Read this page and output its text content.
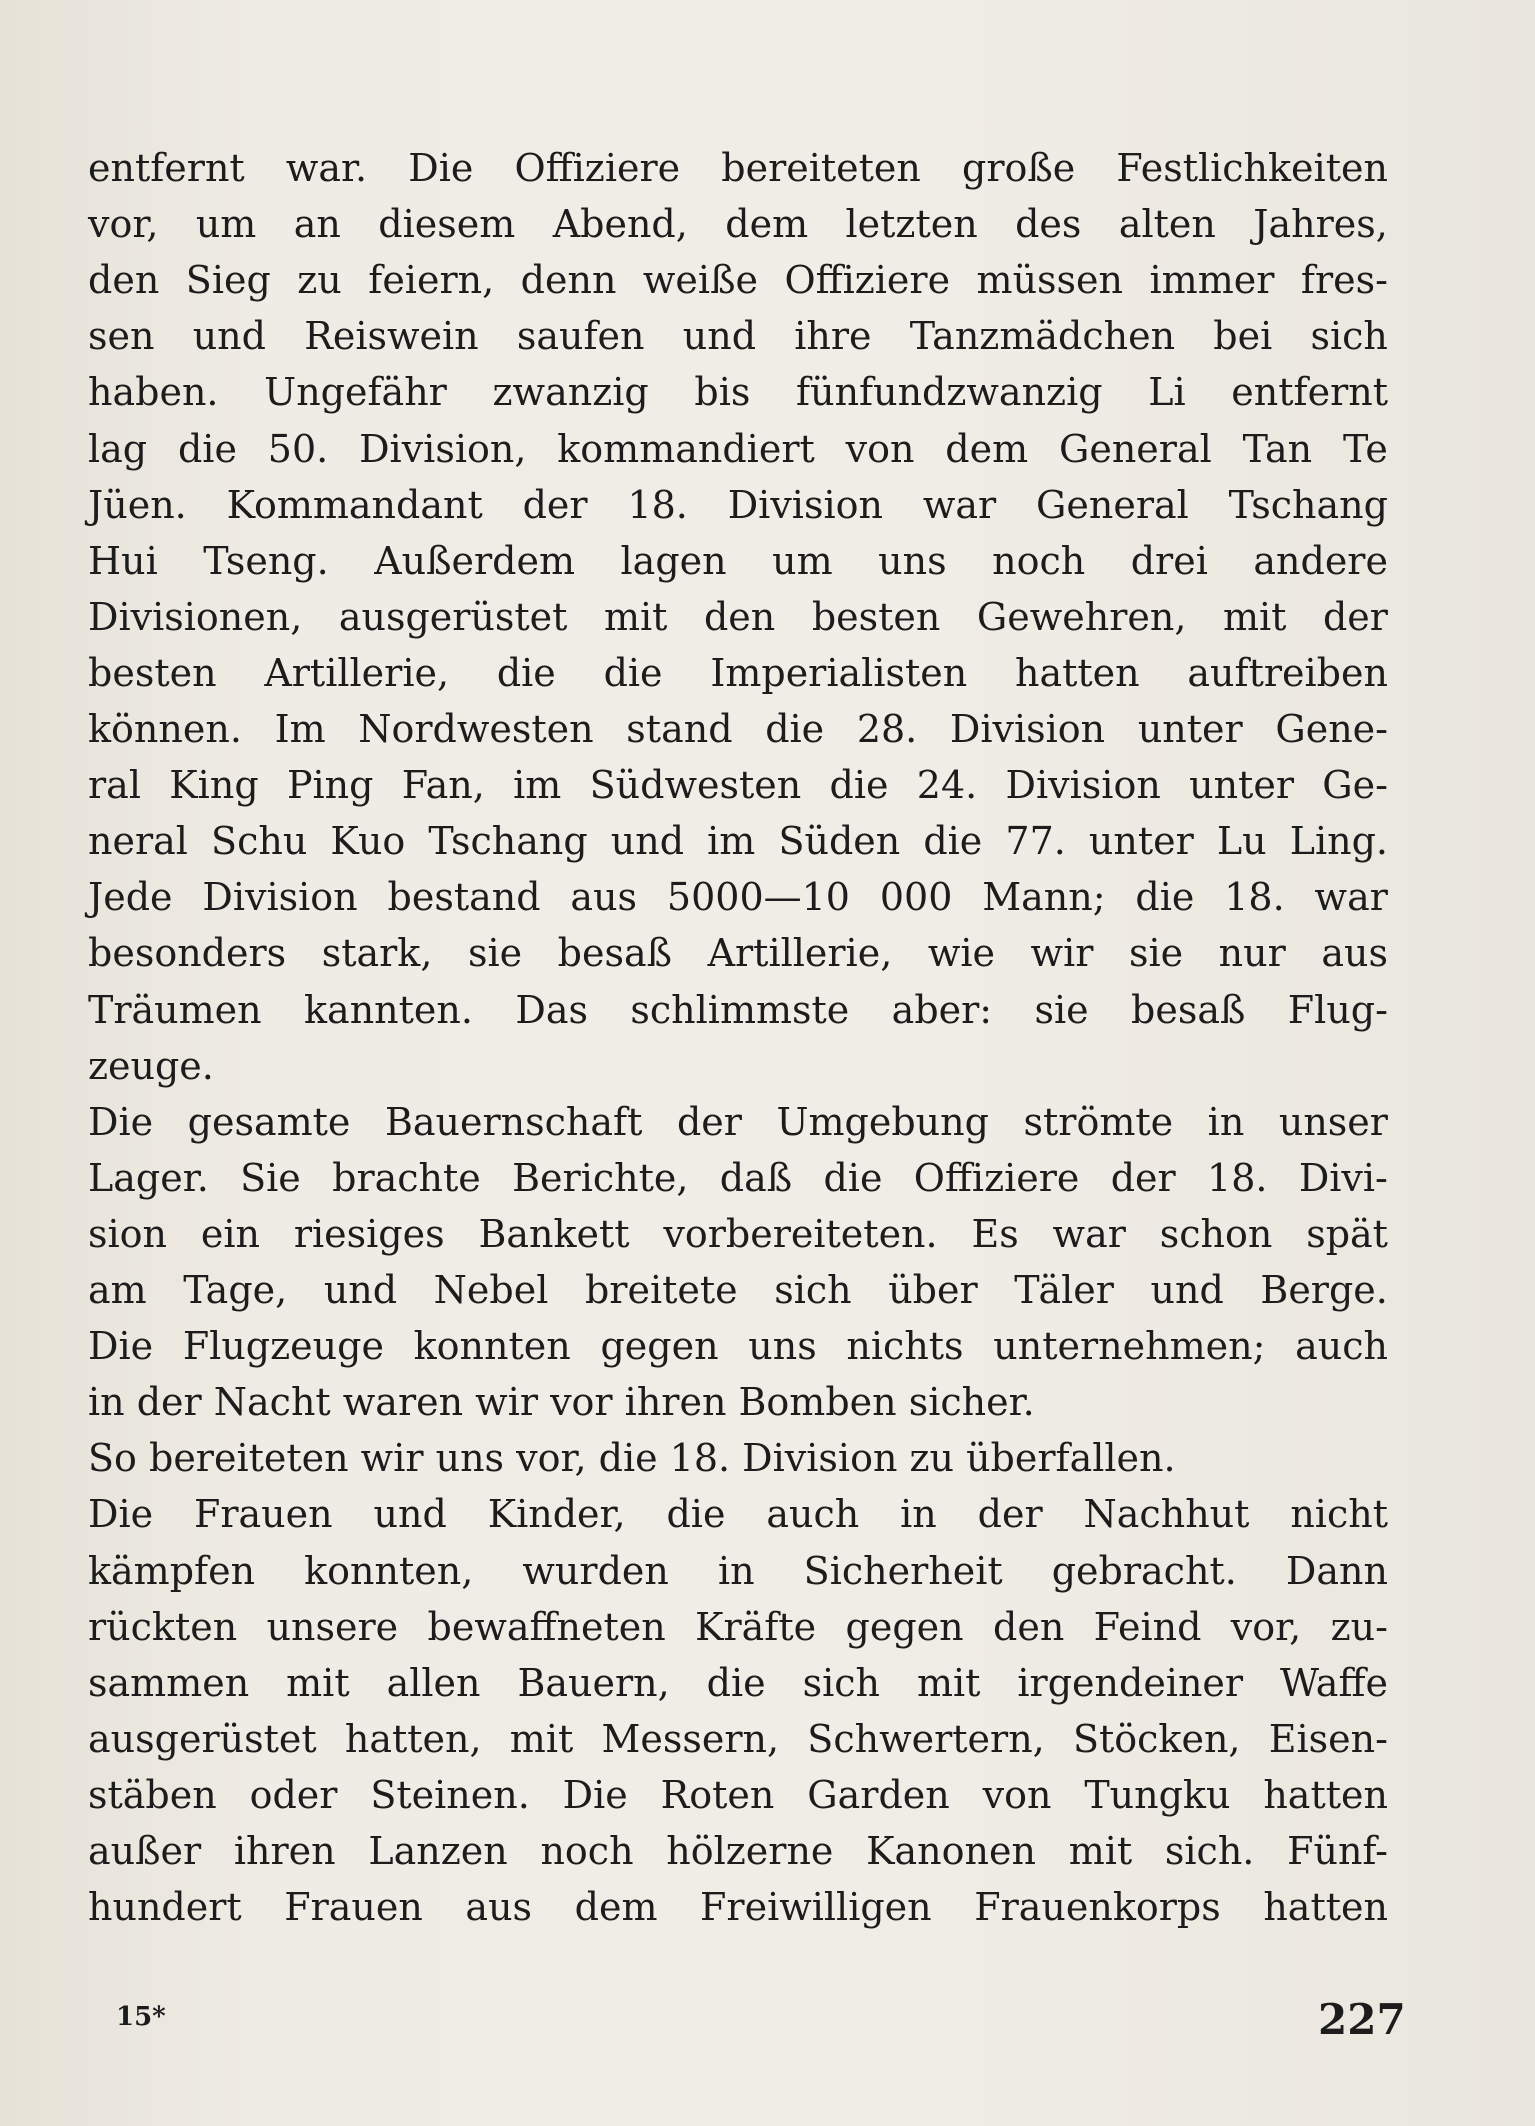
entfernt war. Die Offiziere bereiteten große Festlichkeiten
vor, um an diesem Abend, dem letzten des alten Jahres,
den Sieg zu feiern, denn weiße Offiziere müssen immer fres-
sen und Reiswein saufen und ihre Tanzmädchen bei sich
haben. Ungefähr zwanzig bis fünfundzwanzig Li entfernt
lag die 50. Division, kommandiert von dem General Tan Te
Jüen. Kommandant der 18. Division war General Tschang
Hui Tseng. Außerdem lagen um uns noch drei andere
Divisionen, ausgerüstet mit den besten Gewehren, mit der
besten Artillerie, die die Imperialisten hatten auftreiben
können. Im Nordwesten stand die 28. Division unter Gene-
ral King Ping Fan, im Südwesten die 24. Division unter Ge-
neral Schu Kuo Tschang und im Süden die 77. unter Lu Ling.
Jede Division bestand aus 5000—10 000 Mann; die 18. war
besonders stark, sie besaß Artillerie, wie wir sie nur aus
Träumen kannten. Das schlimmste aber: sie besaß Flug-
zeuge.
Die gesamte Bauernschaft der Umgebung strömte in unser
Lager. Sie brachte Berichte, daß die Offiziere der 18. Divi-
sion ein riesiges Bankett vorbereiteten. Es war schon spät
am Tage, und Nebel breitete sich über Täler und Berge.
Die Flugzeuge konnten gegen uns nichts unternehmen; auch
in der Nacht waren wir vor ihren Bomben sicher.
So bereiteten wir uns vor, die 18. Division zu überfallen.
Die Frauen und Kinder, die auch in der Nachhut nicht
kämpfen konnten, wurden in Sicherheit gebracht. Dann
rückten unsere bewaffneten Kräfte gegen den Feind vor, zu-
sammen mit allen Bauern, die sich mit irgendeiner Waffe
ausgerüstet hatten, mit Messern, Schwertern, Stöcken, Eisen-
stäben oder Steinen. Die Roten Garden von Tungku hatten
außer ihren Lanzen noch hölzerne Kanonen mit sich. Fünf-
hundert Frauen aus dem Freiwilligen Frauenkorps hatten
15*	227
